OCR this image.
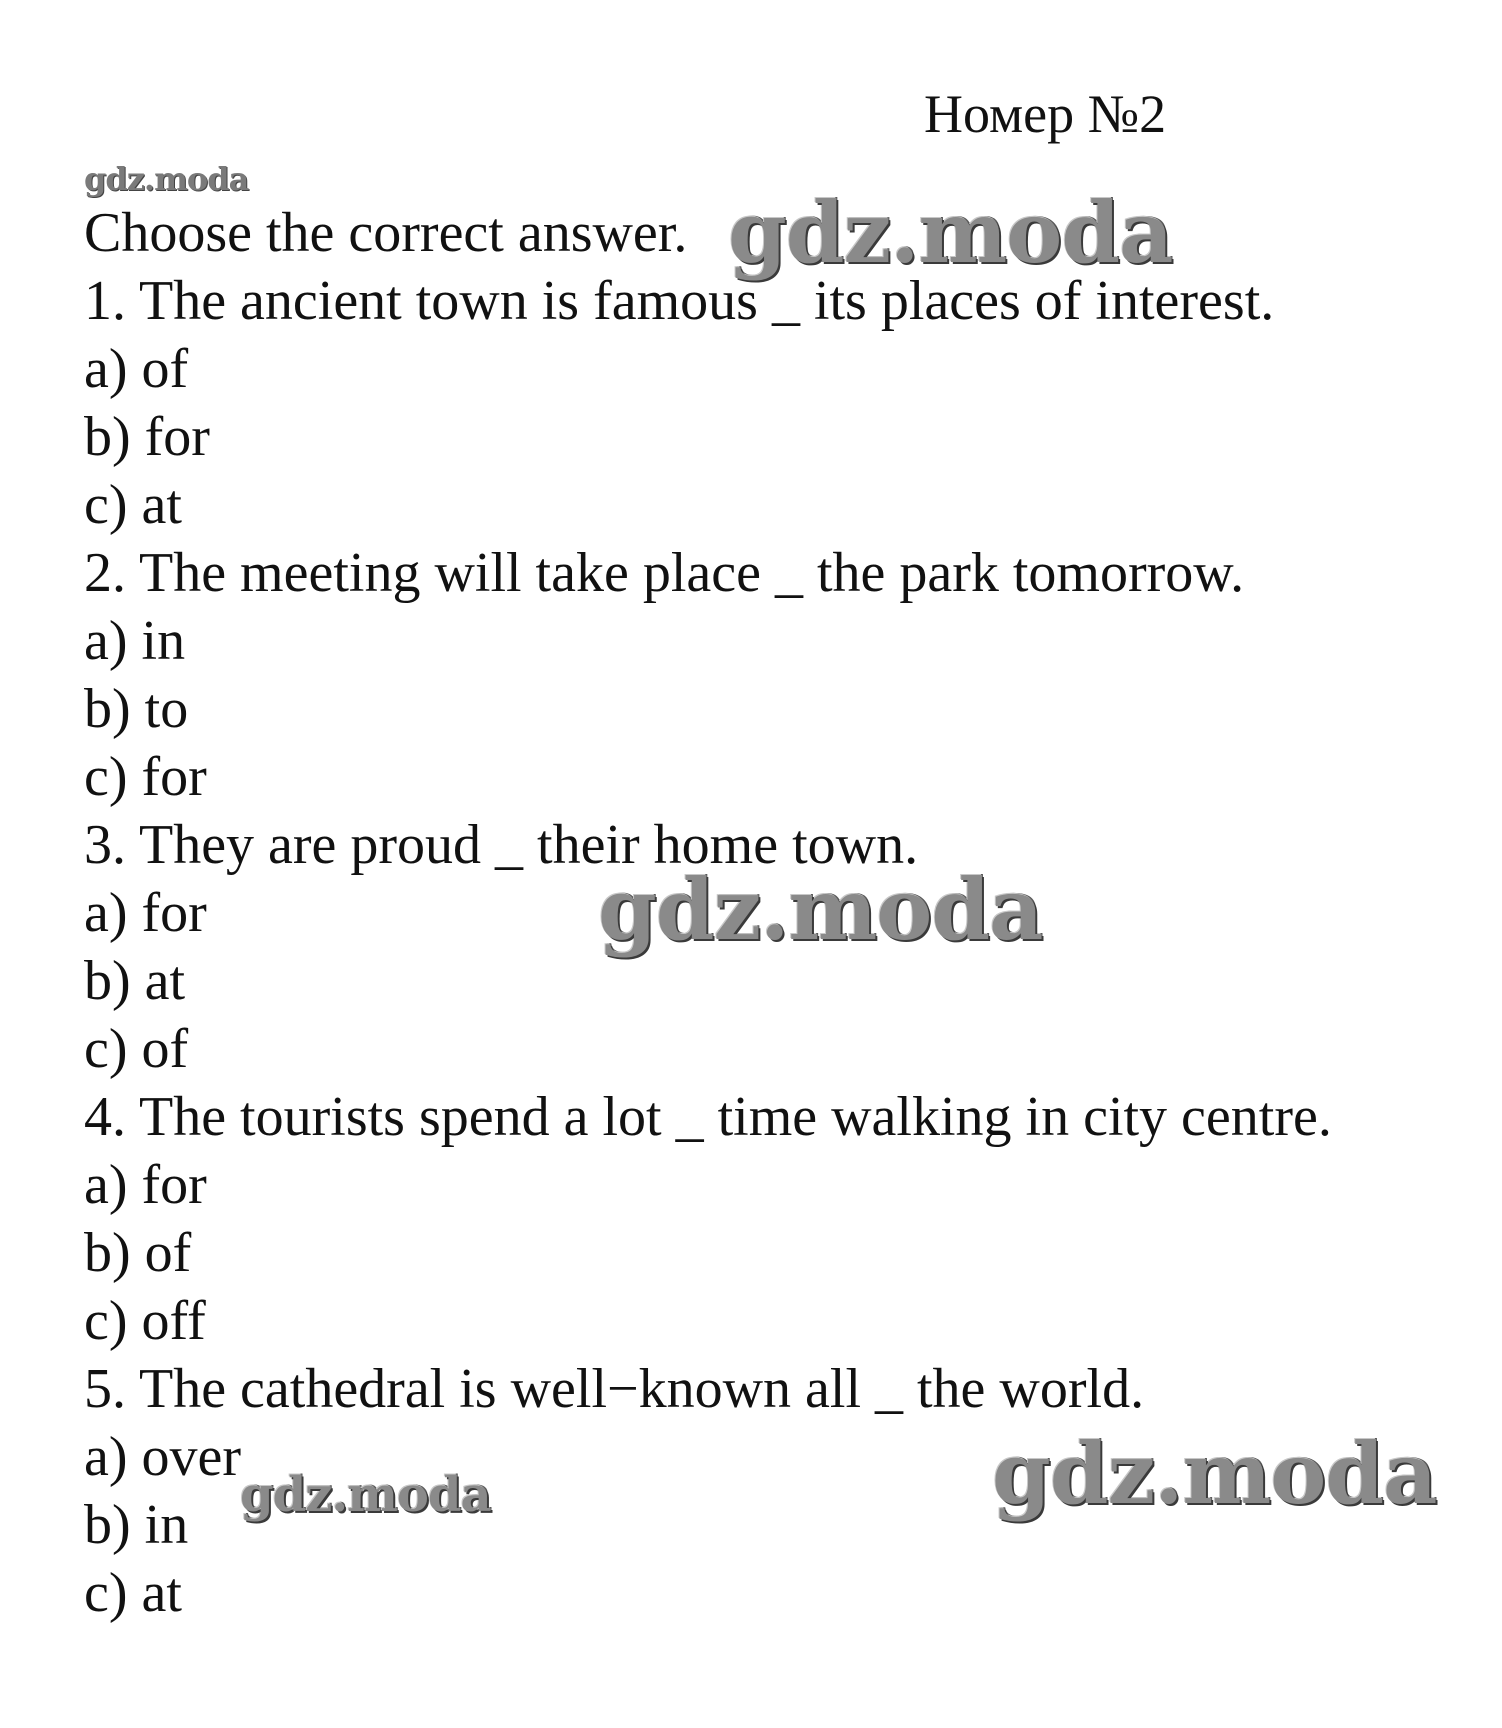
Номер №2
Choose the correct answer.
1. The ancient town is famous _ its places of interest.
a) of
b) for
c) at
2. The meeting will take place _ the park tomorrow.
a) in
b) to
c) for
3. They are proud _ their home town.
a) for
b) at
c) of
4. The tourists spend a lot _ time walking in city centre.
a) for
b) of
c) off
5. The cathedral is well−known all _ the world.
a) over
b) in
c) at
gdz.moda
gdz.moda
gdz.moda
gdz.moda
gdz.moda
